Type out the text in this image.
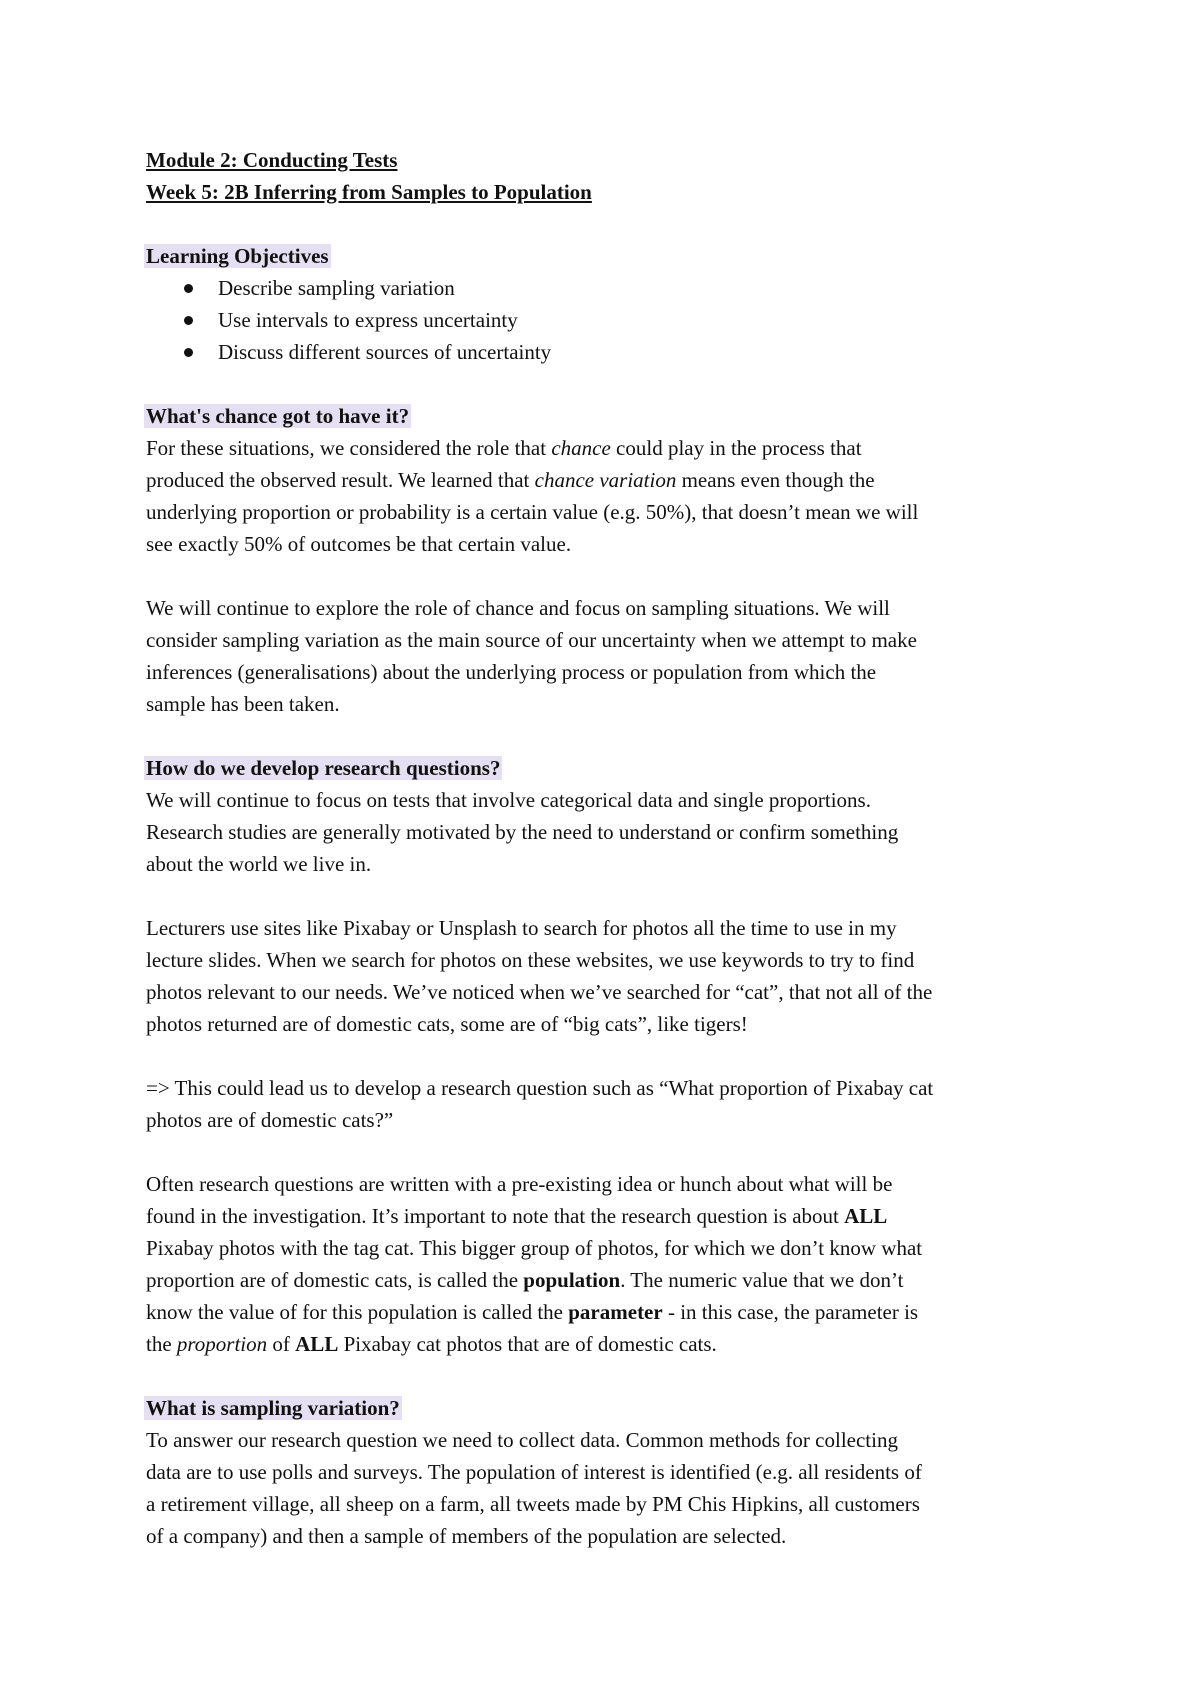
Module 2: Conducting Tests
Week 5: 2B Inferring from Samples to Population
Learning Objectives
Describe sampling variation
Use intervals to express uncertainty
Discuss different sources of uncertainty
What's chance got to have it?
For these situations, we considered the role that chance could play in the process that
produced the observed result. We learned that chance variation means even though the
underlying proportion or probability is a certain value (e.g. 50%), that doesn’t mean we will
see exactly 50% of outcomes be that certain value.
We will continue to explore the role of chance and focus on sampling situations. We will
consider sampling variation as the main source of our uncertainty when we attempt to make
inferences (generalisations) about the underlying process or population from which the
sample has been taken.
How do we develop research questions?
We will continue to focus on tests that involve categorical data and single proportions.
Research studies are generally motivated by the need to understand or confirm something
about the world we live in.
Lecturers use sites like Pixabay or Unsplash to search for photos all the time to use in my
lecture slides. When we search for photos on these websites, we use keywords to try to find
photos relevant to our needs. We’ve noticed when we’ve searched for “cat”, that not all of the
photos returned are of domestic cats, some are of “big cats”, like tigers!
=> This could lead us to develop a research question such as “What proportion of Pixabay cat
photos are of domestic cats?”
Often research questions are written with a pre-existing idea or hunch about what will be
found in the investigation. It’s important to note that the research question is about ALL
Pixabay photos with the tag cat. This bigger group of photos, for which we don’t know what
proportion are of domestic cats, is called the population. The numeric value that we don’t
know the value of for this population is called the parameter - in this case, the parameter is
the proportion of ALL Pixabay cat photos that are of domestic cats.
What is sampling variation?
To answer our research question we need to collect data. Common methods for collecting
data are to use polls and surveys. The population of interest is identified (e.g. all residents of
a retirement village, all sheep on a farm, all tweets made by PM Chis Hipkins, all customers
of a company) and then a sample of members of the population are selected.
